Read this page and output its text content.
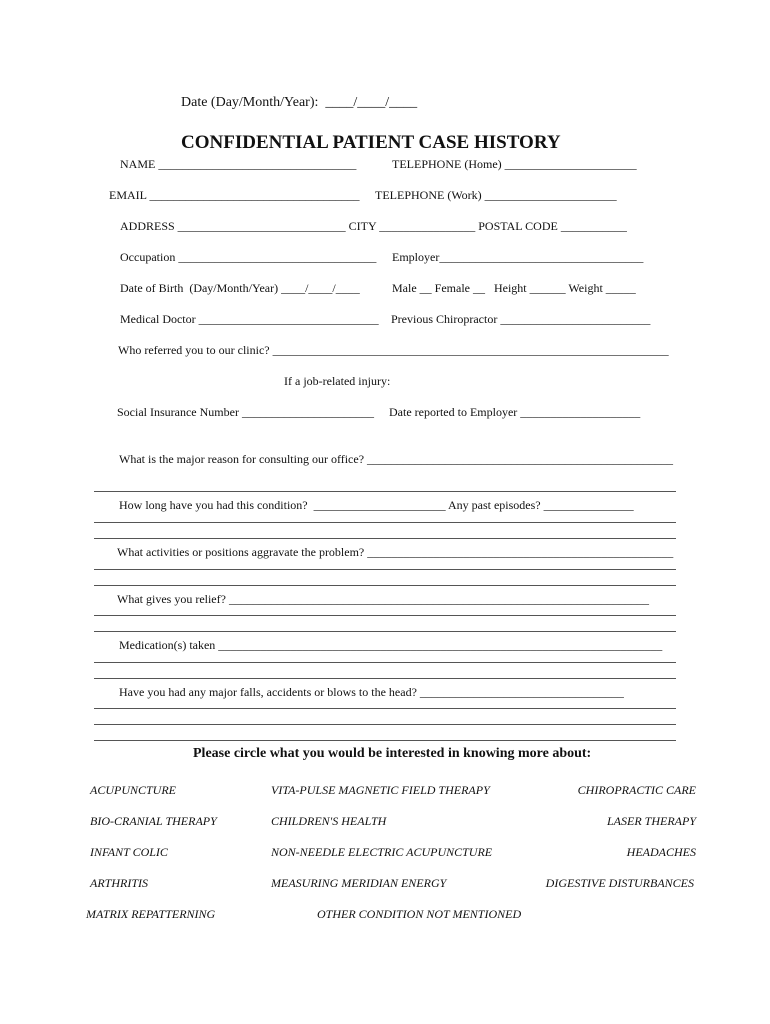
Date (Day/Month/Year):  ____/____/____
CONFIDENTIAL PATIENT CASE HISTORY
NAME _________________________________	TELEPHONE (Home) ______________________
EMAIL ___________________________________ TELEPHONE (Work) ______________________
ADDRESS ____________________________ CITY ________________ POSTAL CODE ___________
Occupation _________________________________ Employer__________________________________
Date of Birth  (Day/Month/Year) ____/____/____	Male __ Female __   Height ______ Weight _____
Medical Doctor ______________________________ Previous Chiropractor _________________________
Who referred you to our clinic? __________________________________________________________________
If a job-related injury:
Social Insurance Number ______________________ Date reported to Employer ____________________
What is the major reason for consulting our office? ___________________________________________________
How long have you had this condition?  ______________________ Any past episodes? _______________
What activities or positions aggravate the problem? ___________________________________________________
What gives you relief? ______________________________________________________________________
Medication(s) taken __________________________________________________________________________
Have you had any major falls, accidents or blows to the head? __________________________________
Please circle what you would be interested in knowing more about:
ACUPUNCTURE	VITA-PULSE MAGNETIC FIELD THERAPY	CHIROPRACTIC CARE
BIO-CRANIAL THERAPY	CHILDREN'S HEALTH	LASER THERAPY
INFANT COLIC	NON-NEEDLE ELECTRIC ACUPUNCTURE	HEADACHES
ARTHRITIS	MEASURING MERIDIAN ENERGY	DIGESTIVE DISTURBANCES
MATRIX REPATTERNING	OTHER CONDITION NOT MENTIONED
